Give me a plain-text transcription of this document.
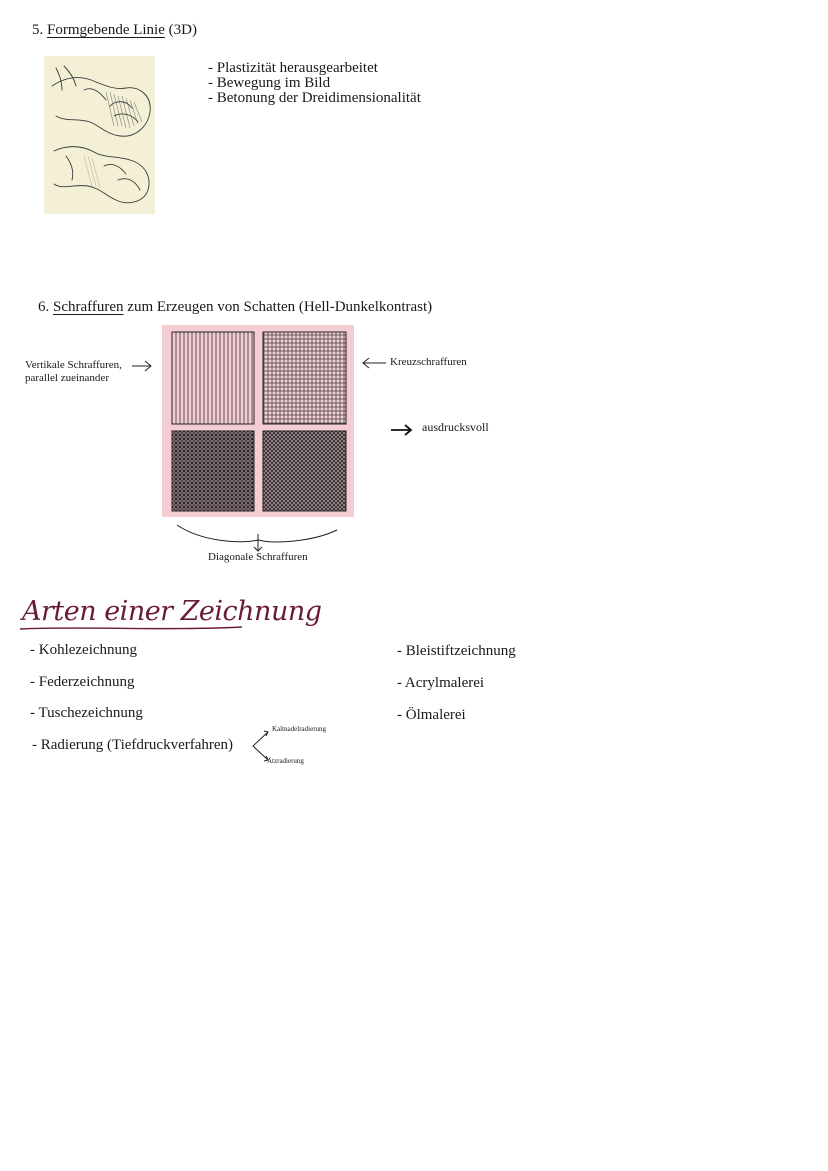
5. Formgebende Linie (3D)
- Plastizität herausgearbeitet
- Bewegung im Bild
- Betonung der Dreidimensionalität
6. Schraffuren zum Erzeugen von Schatten (Hell-Dunkelkontrast)
Vertikale Schraffuren,
parallel zueinander
Kreuzschraffuren
ausdrucksvoll
Diagonale Schraffuren
Arten einer Zeichnung
- Kohlezeichnung
- Federzeichnung
- Tuschezeichnung
- Radierung (Tiefdruckverfahren)
Kaltnadelradierung
Ätzradierung
- Bleistiftzeichnung
- Acrylmalerei
- Ölmalerei
